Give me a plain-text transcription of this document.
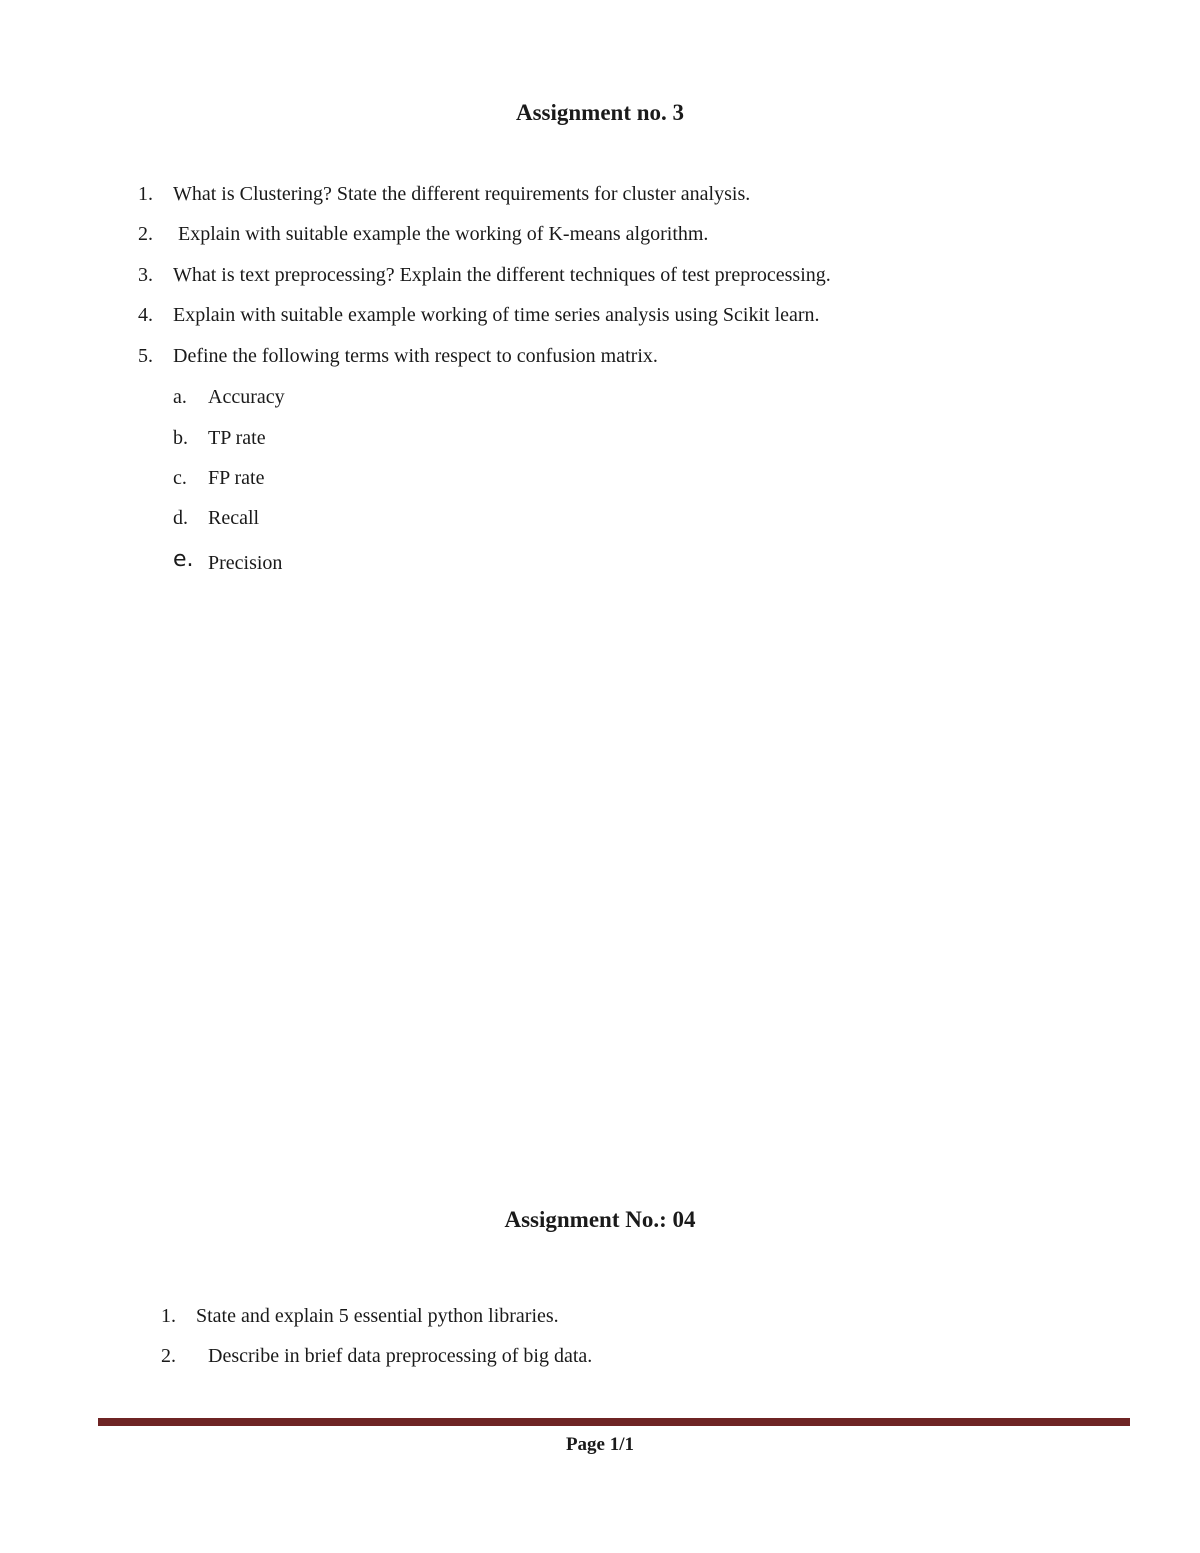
Assignment no. 3
1. What is Clustering? State the different requirements for cluster analysis.
2. Explain with suitable example the working of K-means algorithm.
3. What is text preprocessing? Explain the different techniques of test preprocessing.
4. Explain with suitable example working of time series analysis using Scikit learn.
5. Define the following terms with respect to confusion matrix.
a. Accuracy
b. TP rate
c. FP rate
d. Recall
e. Precision
Assignment No.: 04
1. State and explain 5 essential python libraries.
2. Describe in brief data preprocessing of big data.
Page 1/1
